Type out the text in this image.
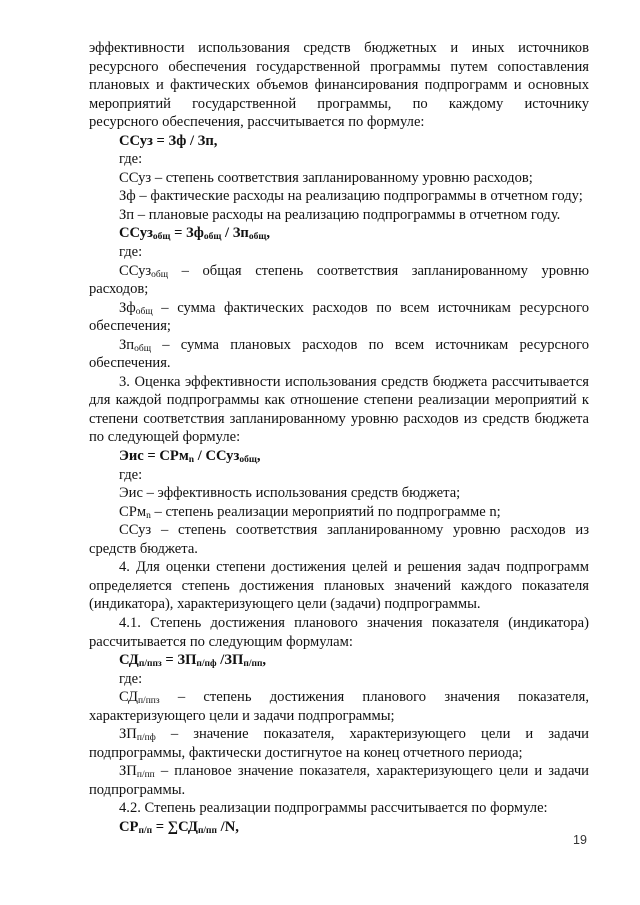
эффективности использования средств бюджетных и иных источников

ресурсного обеспечения государственной программы путем сопоставления

плановых и фактических объемов финансирования подпрограмм и основных

мероприятий государственной программы, по каждому источнику

ресурсного обеспечения, рассчитывается по формуле:

ССуз = Зф / Зп,

где:

ССуз – степень соответствия запланированному уровню расходов;

Зф – фактические расходы на реализацию подпрограммы в отчетном году;

Зп – плановые расходы на реализацию подпрограммы в отчетном году.

ССуз$_{общ}$ = $Зф_{общ} / Зп_{общ}$,

где:

ССуз$_{общ}$ – общая степень соответствия запланированному уровню расходов;

$Зф_{общ}$ – сумма фактических расходов по всем источникам ресурсного обеспечения;

$Зп_{общ}$ – сумма плановых расходов по всем источникам ресурсного обеспечения.

3. Оценка эффективности использования средств бюджета рассчитывается для каждой подпрограммы как отношение степени реализации мероприятий к степени соответствия запланированному уровню расходов из средств бюджета по следующей формуле:

Эис = СРм$_n$ / ССуз$_{общ}$,

где:

Эис – эффективность использования средств бюджета;

СРм$_n$ – степень реализации мероприятий по подпрограмме n;

ССуз – степень соответствия запланированному уровню расходов из средств бюджета.

4. Для оценки степени достижения целей и решения задач подпрограмм определяется степень достижения плановых значений каждого показателя (индикатора), характеризующего цели (задачи) подпрограммы.

4.1. Степень достижения планового значения показателя (индикатора) рассчитывается по следующим формулам:

$СД_{п/ппз} = ЗП_{п/пф}$ $/ЗП_{п/пп}$,

где:

$СД_{п/ппз}$ – степень достижения планового значения показателя, характеризующего цели и задачи подпрограммы;

$ЗП_{п/пф}$ – значение показателя, характеризующего цели и задачи подпрограммы, фактически достигнутое на конец отчетного периода;

$ЗП_{п/пп}$ – плановое значение показателя, характеризующего цели и задачи подпрограммы.

4.2. Степень реализации подпрограммы рассчитывается по формуле:

$СР_{п/п} = \sum СД_{п/пп}$ /N,

19
